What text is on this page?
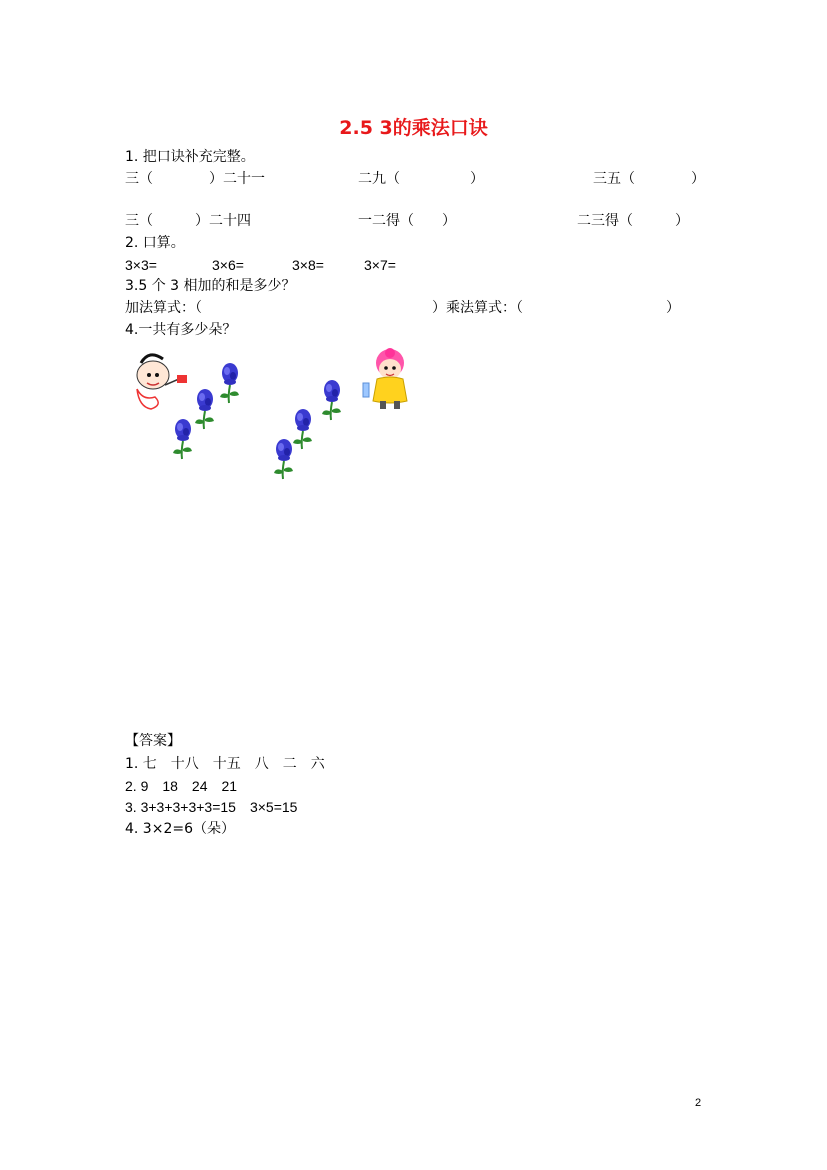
2.5 3的乘法口诀
1. 把口诀补充完整。
三（　　　　）二十一	二九（　　　　　）	三五（　　　　）
三（　　　）二十四	一二得（　　）	二三得（　　　）
2. 口算。
3×3=	3×6=	3×8=	3×7=
3.5 个 3 相加的和是多少？
加法算式：（	）乘法算式：（	）
4.一共有多少朵？
【答案】
1. 七　十八　十五　八　二　六
2. 9　18　24　21
3. 3+3+3+3+3=15　3×5=15
4. 3×2=6（朵）
2
